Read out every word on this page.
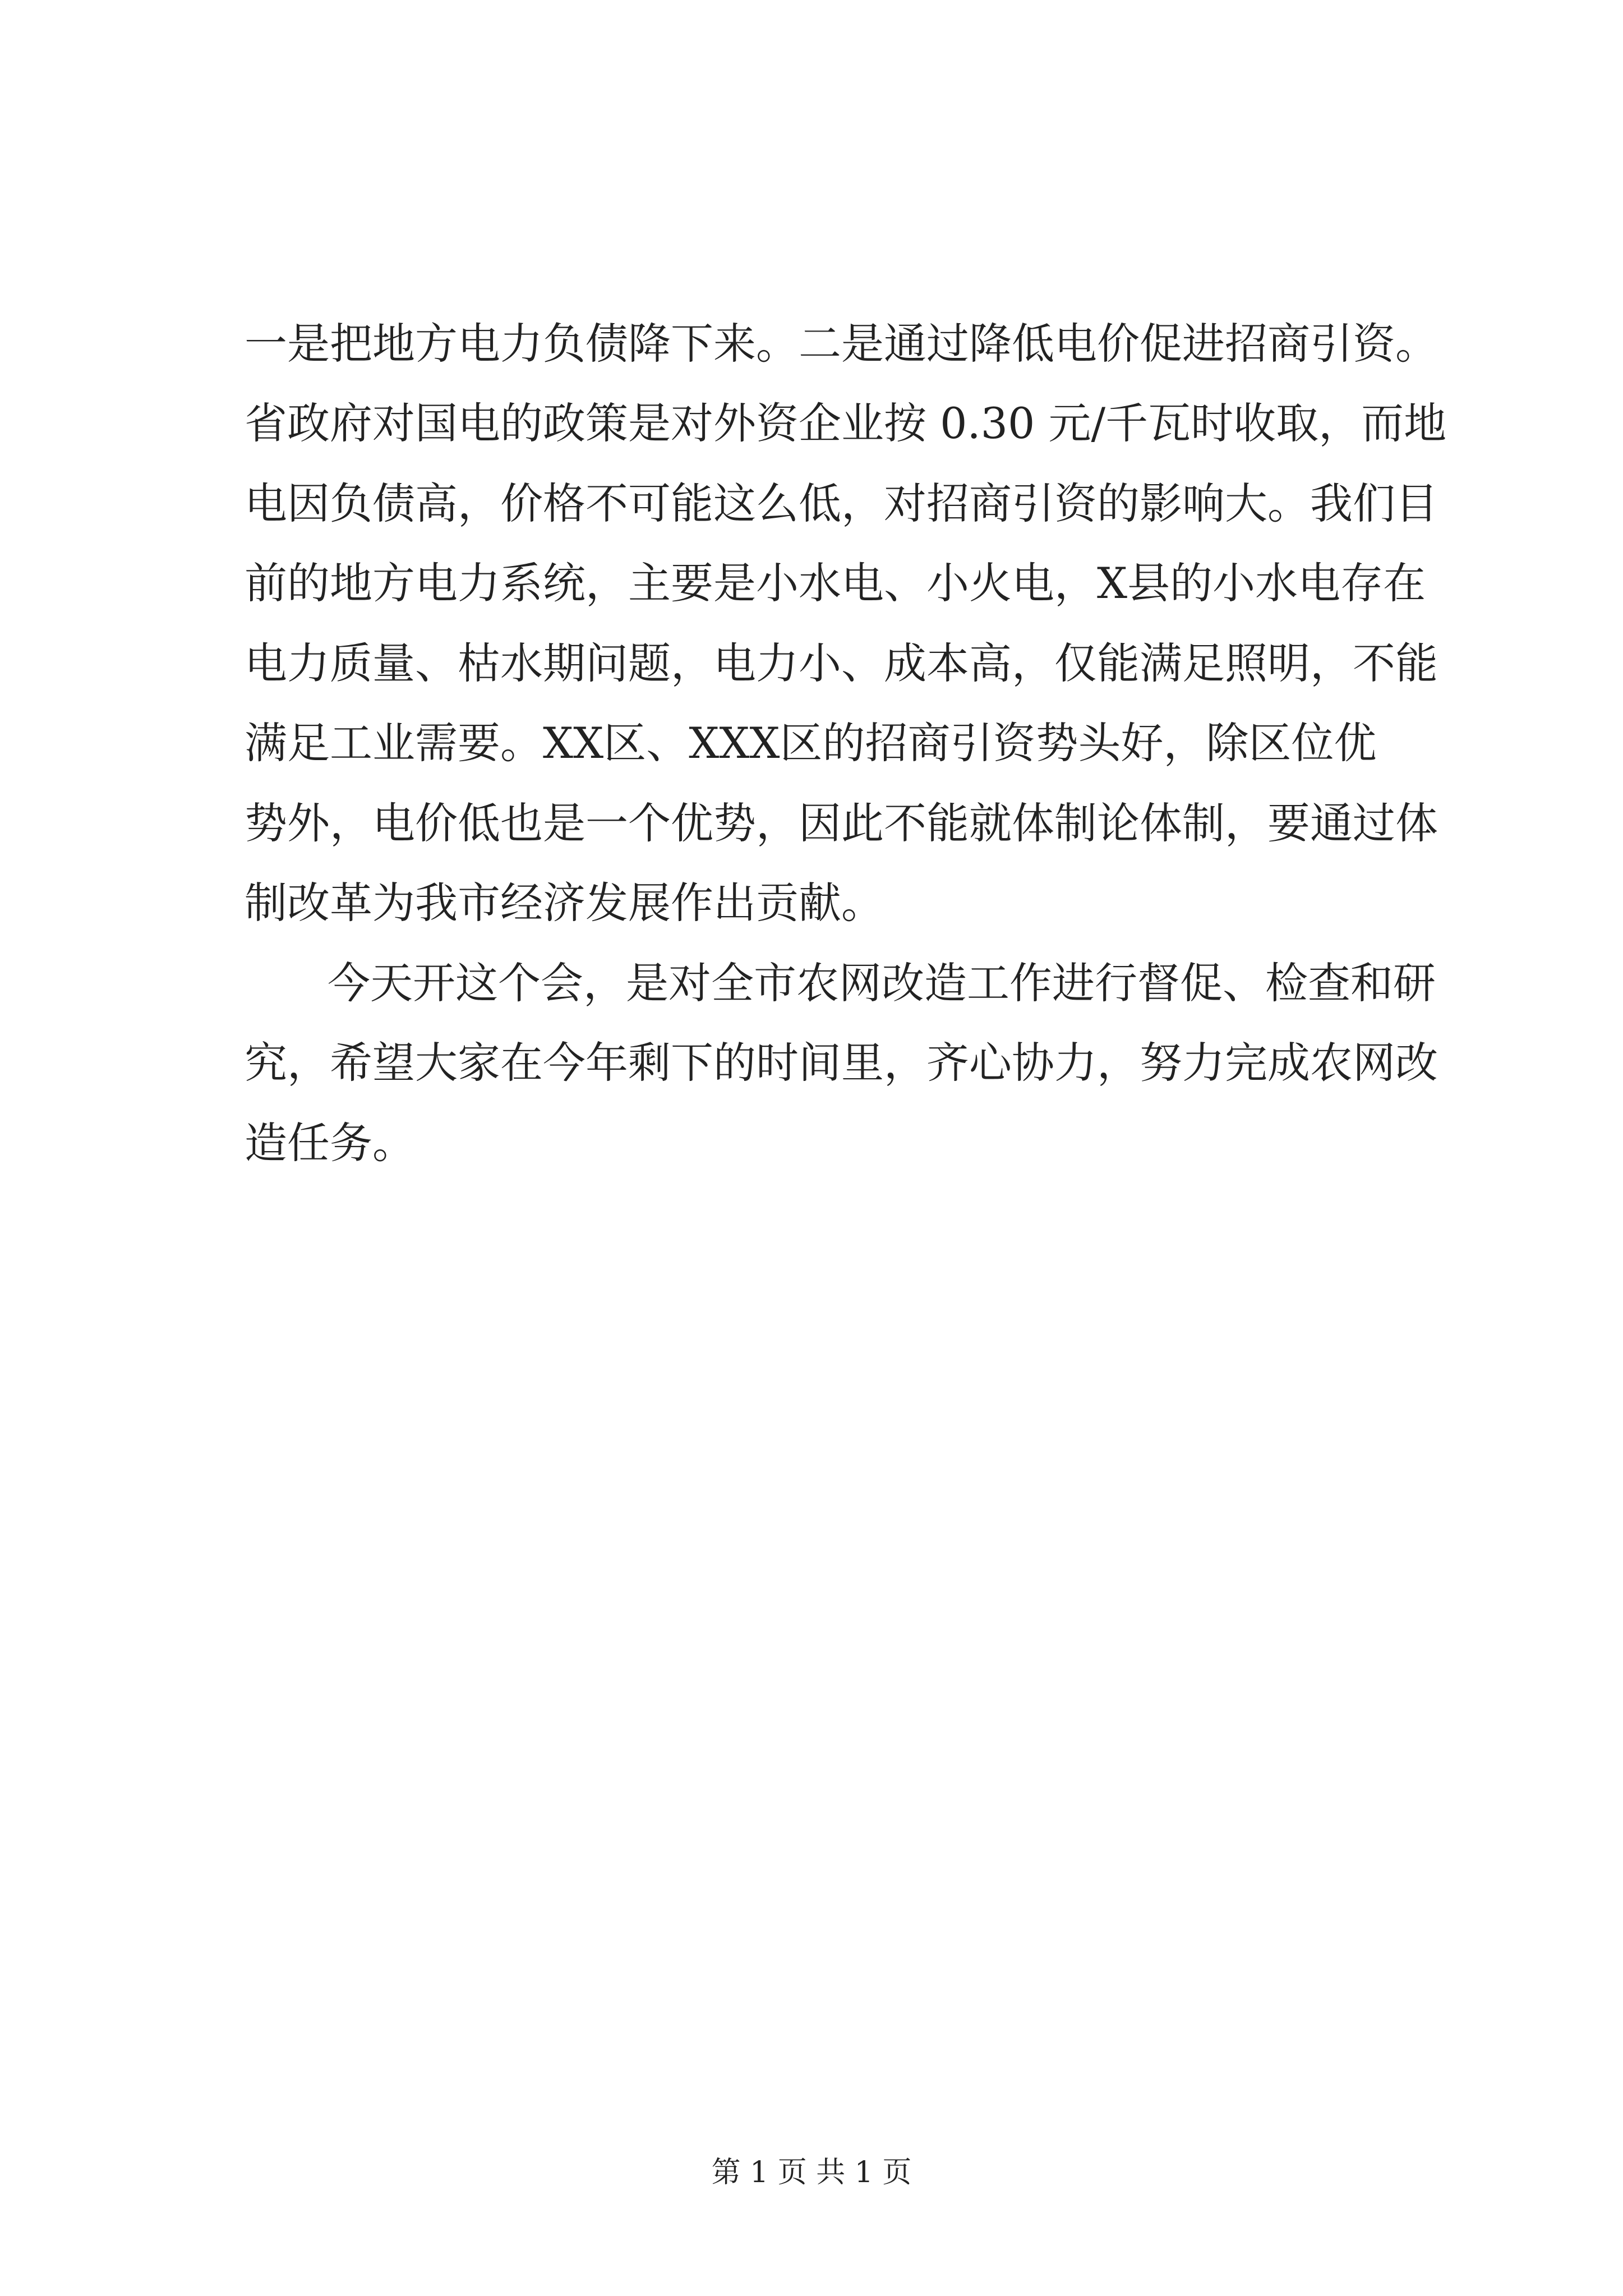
一是把地方电力负债降下来。二是通过降低电价促进招商引资。
省政府对国电的政策是对外资企业按 0.30 元/千瓦时收取，而地
电因负债高，价格不可能这么低，对招商引资的影响大。我们目
前的地方电力系统，主要是小水电、小火电，X县的小水电存在
电力质量、枯水期问题，电力小、成本高，仅能满足照明，不能
满足工业需要。XX区、XXX区的招商引资势头好，除区位优
势外，电价低也是一个优势，因此不能就体制论体制，要通过体
制改革为我市经济发展作出贡献。
今天开这个会，是对全市农网改造工作进行督促、检查和研
究，希望大家在今年剩下的时间里，齐心协力，努力完成农网改
造任务。
第 1 页 共 1 页
